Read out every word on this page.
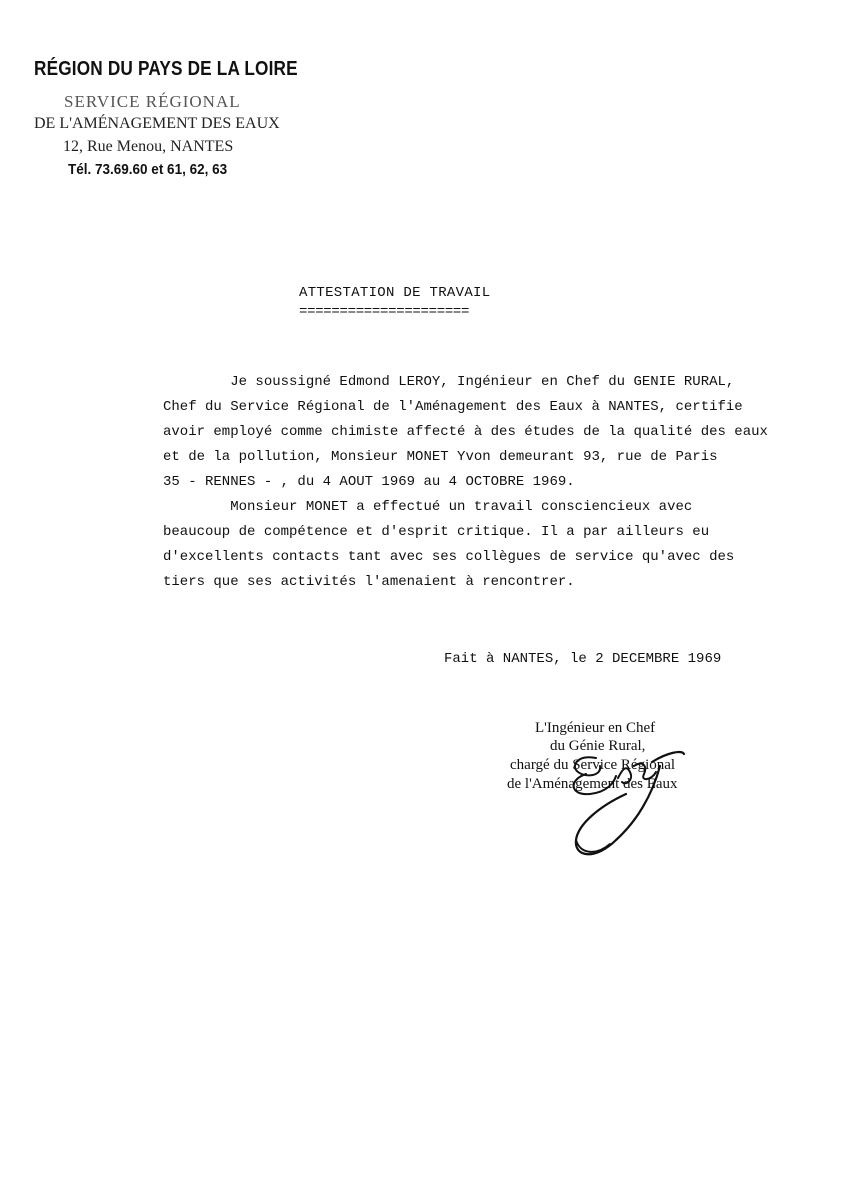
RÉGION DU PAYS DE LA LOIRE
SERVICE RÉGIONAL
DE L'AMÉNAGEMENT DES EAUX
12, Rue Menou, NANTES
Tél. 73.69.60 et 61, 62, 63
ATTESTATION DE TRAVAIL
=====================
Je soussigné Edmond LEROY, Ingénieur en Chef du GENIE RURAL,
Chef du Service Régional de l'Aménagement des Eaux à NANTES, certifie
avoir employé comme chimiste affecté à des études de la qualité des eaux
et de la pollution, Monsieur MONET Yvon demeurant 93, rue de Paris
35 - RENNES - , du 4 AOUT 1969 au 4 OCTOBRE 1969.
Monsieur MONET a effectué un travail consciencieux avec
beaucoup de compétence et d'esprit critique. Il a par ailleurs eu
d'excellents contacts tant avec ses collègues de service qu'avec des
tiers que ses activités l'amenaient à rencontrer.
Fait à NANTES, le 2 DECEMBRE 1969
L'Ingénieur en Chef
du Génie Rural,
chargé du Service Régional
de l'Aménagement des Eaux
